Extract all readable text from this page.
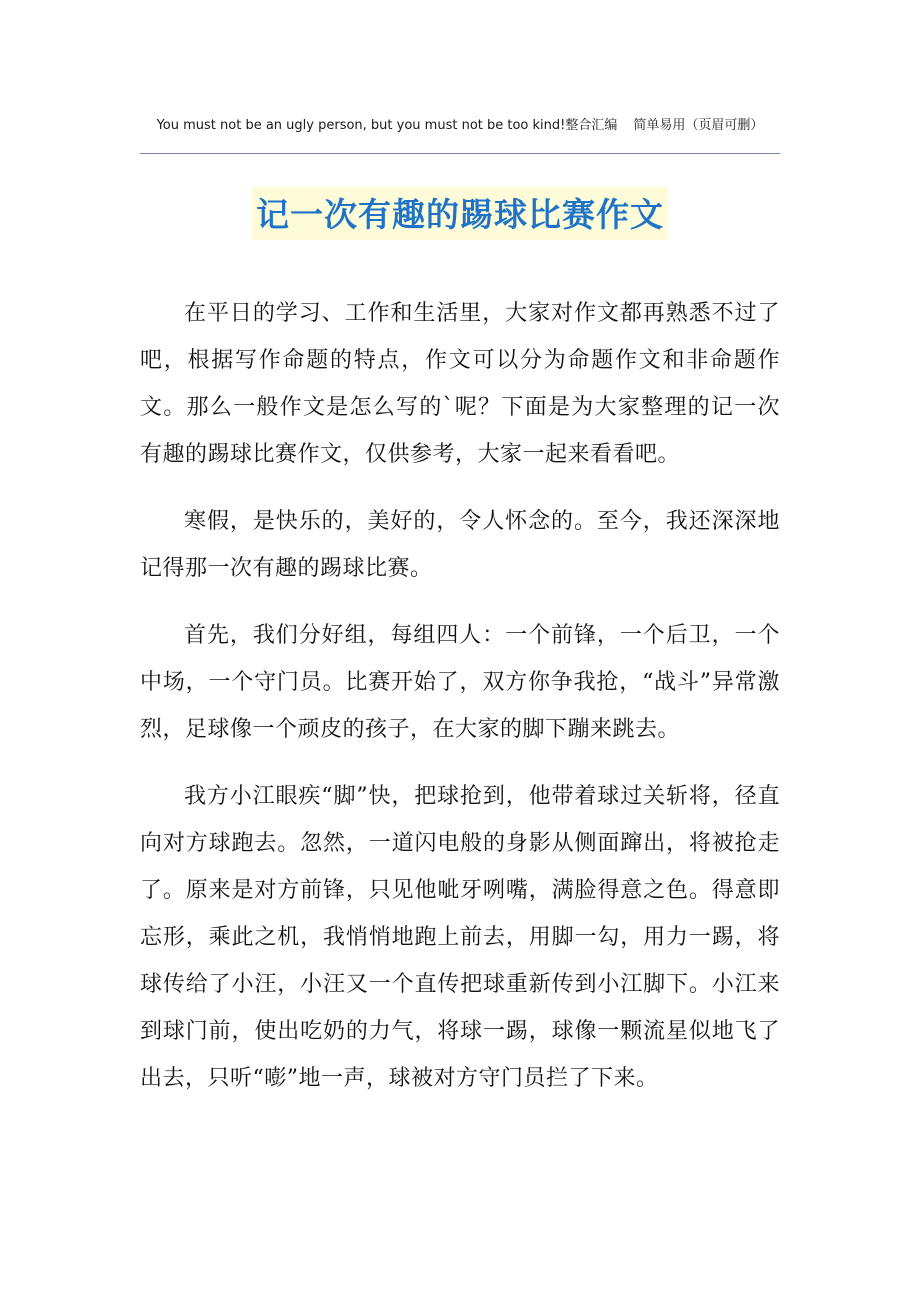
You must not be an ugly person, but you must not be too kind!整合汇编 简单易用（页眉可删）
记一次有趣的踢球比赛作文

在平日的学习、工作和生活里，大家对作文都再熟悉不过了吧，根据写作命题的特点，作文可以分为命题作文和非命题作文。那么一般作文是怎么写的`呢？下面是为大家整理的记一次有趣的踢球比赛作文，仅供参考，大家一起来看看吧。

寒假，是快乐的，美好的，令人怀念的。至今，我还深深地记得那一次有趣的踢球比赛。

首先，我们分好组，每组四人：一个前锋，一个后卫，一个中场，一个守门员。比赛开始了，双方你争我抢，“战斗”异常激烈，足球像一个顽皮的孩子，在大家的脚下蹦来跳去。

我方小江眼疾“脚”快，把球抢到，他带着球过关斩将，径直向对方球跑去。忽然，一道闪电般的身影从侧面蹿出，将被抢走了。原来是对方前锋，只见他呲牙咧嘴，满脸得意之色。得意即忘形，乘此之机，我悄悄地跑上前去，用脚一勾，用力一踢，将球传给了小汪，小汪又一个直传把球重新传到小江脚下。小江来到球门前，使出吃奶的力气，将球一踢，球像一颗流星似地飞了出去，只听“嘭”地一声，球被对方守门员拦了下来。
